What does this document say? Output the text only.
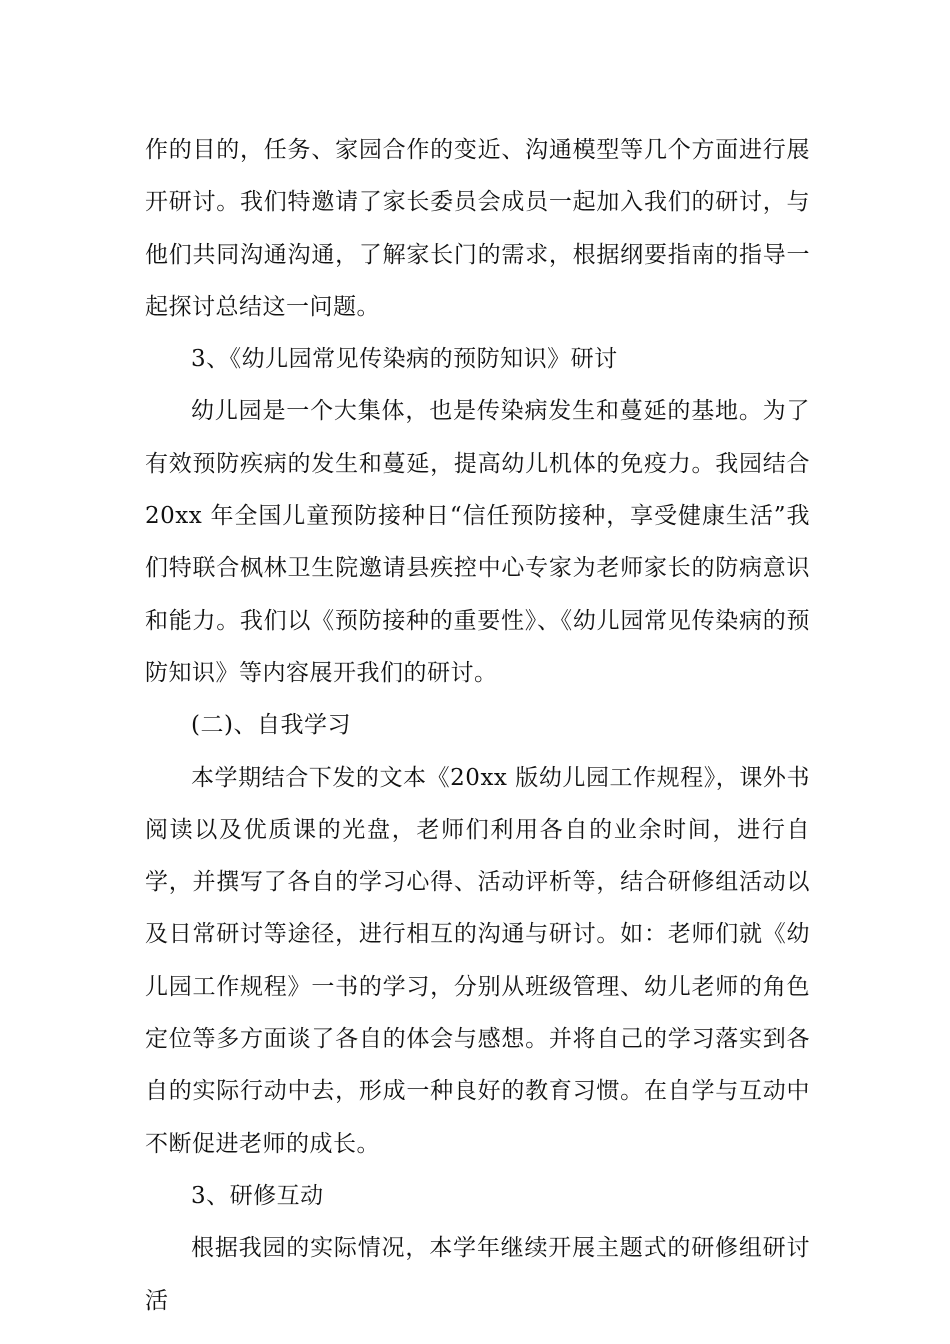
作的目的，任务、家园合作的变近、沟通模型等几个方面进行展开研讨。我们特邀请了家长委员会成员一起加入我们的研讨，与他们共同沟通沟通，了解家长门的需求，根据纲要指南的指导一起探讨总结这一问题。

3、《幼儿园常见传染病的预防知识》研讨

幼儿园是一个大集体，也是传染病发生和蔓延的基地。为了有效预防疾病的发生和蔓延，提高幼儿机体的免疫力。我园结合 20xx 年全国儿童预防接种日“信任预防接种，享受健康生活”我们特联合枫林卫生院邀请县疾控中心专家为老师家长的防病意识和能力。我们以《预防接种的重要性》、《幼儿园常见传染病的预防知识》等内容展开我们的研讨。

(二)、自我学习

本学期结合下发的文本《20xx 版幼儿园工作规程》，课外书阅读以及优质课的光盘，老师们利用各自的业余时间，进行自学，并撰写了各自的学习心得、活动评析等，结合研修组活动以及日常研讨等途径，进行相互的沟通与研讨。如：老师们就《幼儿园工作规程》一书的学习，分别从班级管理、幼儿老师的角色定位等多方面谈了各自的体会与感想。并将自己的学习落实到各自的实际行动中去，形成一种良好的教育习惯。在自学与互动中不断促进老师的成长。

3、研修互动

根据我园的实际情况，本学年继续开展主题式的研修组研讨活
